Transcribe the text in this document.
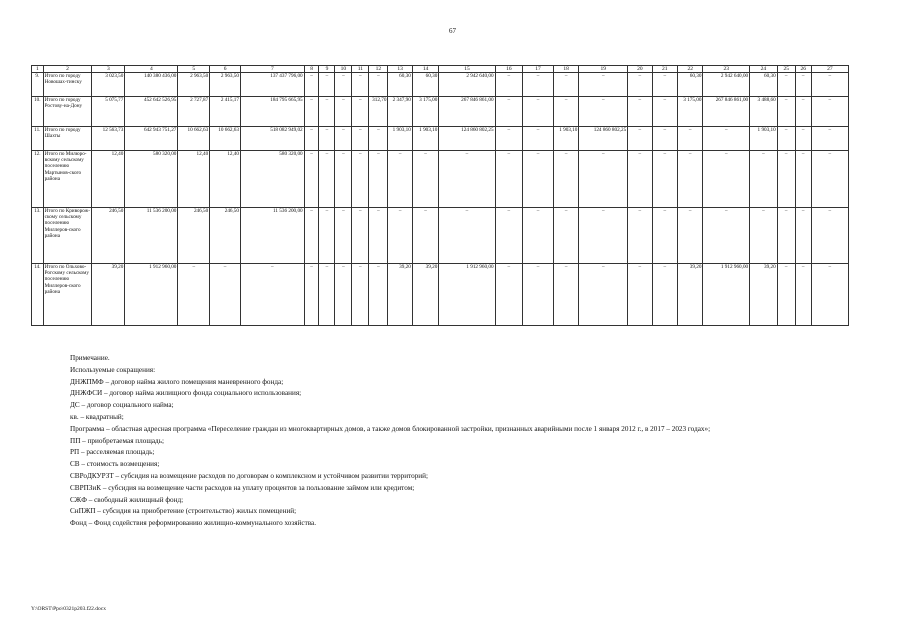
67
1	2	3	4	5	6	7	8	9	10	11	12	13	14	15	16	17	18	19	20	21	22	23	24	25	26	27
9.	Итого по городу Новошах-тинску	3 023,50	140 380 436,00	2 963,50	2 963,50	137 437 796,00	–	–	–	–	–	60,30	60,30	2 942 640,00	–	–	–	–	–	–	60,30	2 942 640,00	60,30	–	–	–
10.	Итого по городу Ростову-на-Дону	5 075,77	452 642 526,95	2 727,87	2 415,17	184 795 665,95	–	–	–	–	312,70	2 347,90	3 175,00	267 846 861,00	–	–	–	–	–	–	3 175,00	267 846 861,00	3 488,60	–	–	–
11.	Итого по городу Шахты	12 563,73	642 943 751,27	10 662,63	10 662,63	518 082 949,02	–	–	–	–	–	1 903,10	1 903,10	124 860 802,25	–	–	1 903,10	124 860 802,25	–	–	–	–	1 903,10	–	–	–
12.	Итого по Милюро-вскому сельскому поселению Мартынов-ского района	12,40	580 320,00	12,40	12,40	580 320,00	–	–	–	–	–	–	–	–	–	–	–	–	–	–	–	–	–	–	–	–
13.	Итого по Криворож-скому сельскому поселению Миллеров-ского района	246,50	11 536 200,00	246,50	246,50	11 536 200,00	–	–	–	–	–	–	–	–	–	–	–	–	–	–	–	–	–	–	–	–
14.	Итого по Ольхово-Рогскому сельскому поселению Миллеров-ского района	39,20	1 912 960,00	–	–	–	–	–	–	–	–	39,20	39,20	1 912 960,00	–	–	–	–	–	–	39,20	1 912 960,00	39,20	–	–	–

Примечание.

Используемые сокращения:

ДНЖПМФ – договор найма жилого помещения маневренного фонда;

ДНЖФСИ – договор найма жилищного фонда социального использования;

ДС – договор социального найма;

кв. – квадратный;

Программа – областная адресная программа «Переселение граждан из многоквартирных домов, а также домов блокированной застройки, признанных аварийными после 1 января 2012 г., в 2017 – 2023 годах»;

ПП – приобретаемая площадь;

РП – расселяемая площадь;

СВ – стоимость возмещения;

СВРоДКУРЗТ – субсидия на возмещение расходов по договорам о комплексном и устойчивом развитии территорий;

СВРПЗиК – субсидия на возмещение части расходов на уплату процентов за пользование займом или кредитом;

СЖФ – свободный жилищный фонд;

СнПЖП – субсидия на приобретение (строительство) жилых помещений;

Фонд – Фонд содействия реформированию жилищно-коммунального хозяйства.

Y:\ORST\Ppo\0321p203.f22.docx
